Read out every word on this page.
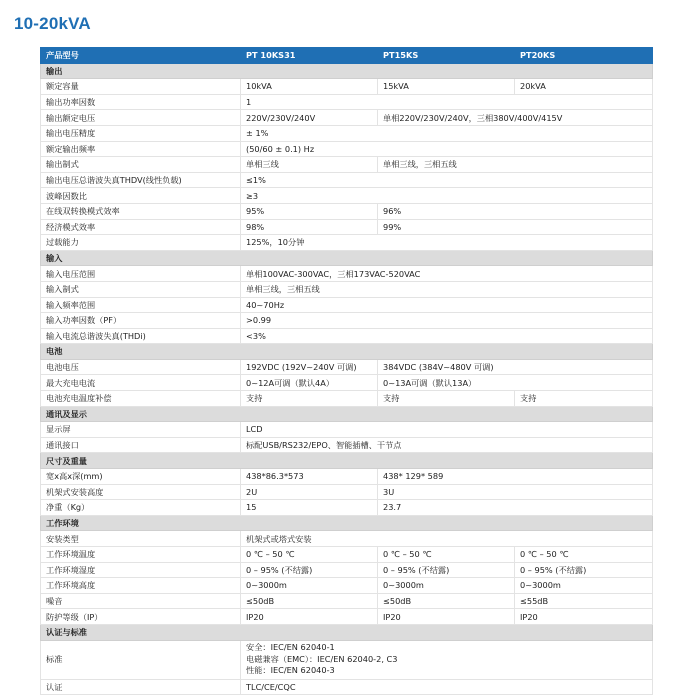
10-20kVA
产品型号	PT 10KS31	PT15KS	PT20KS
输出			
额定容量	10kVA	15kVA	20kVA
输出功率因数	1		
输出额定电压	220V/230V/240V	单相220V/230V/240V，三相380V/400V/415V	
输出电压精度	± 1%		
额定输出频率	(50/60 ± 0.1) Hz		
输出制式	单相三线	单相三线，三相五线	
输出电压总谐波失真THDV(线性负载)	≤1%		
波峰因数比	≥3		
在线双转换模式效率	95%	96%	
经济模式效率	98%	99%	
过载能力	125%，10分钟		
输入			
输入电压范围	单相100VAC-300VAC，三相173VAC-520VAC		
输入制式	单相三线，三相五线		
输入频率范围	40~70Hz		
输入功率因数（PF）	>0.99		
输入电流总谐波失真(THDi)	<3%		
电池			
电池电压	192VDC (192V~240V 可调)	384VDC (384V~480V 可调)	
最大充电电流	0~12A可调（默认4A）	0~13A可调（默认13A）	
电池充电温度补偿	支持	支持	支持
通讯及显示			
显示屏	LCD		
通讯接口	标配USB/RS232/EPO、智能插槽、干节点		
尺寸及重量			
宽x高x深(mm)	438*86.3*573	438* 129* 589	
机架式安装高度	2U	3U	
净重（Kg）	15	23.7	
工作环境			
安装类型	机架式或塔式安装		
工作环境温度	0 ℃ – 50 ℃	0 ℃ – 50 ℃	0 ℃ – 50 ℃
工作环境湿度	0 – 95% (不结露)	0 – 95% (不结露)	0 – 95% (不结露)
工作环境高度	0~3000m	0~3000m	0~3000m
噪音	≤50dB	≤50dB	≤55dB
防护等级（IP）	IP20	IP20	IP20
认证与标准			
标准	安全：IEC/EN 62040-1
电磁兼容（EMC）：IEC/EN 62040-2, C3
性能：IEC/EN 62040-3		

认证	TLC/CE/CQC		
